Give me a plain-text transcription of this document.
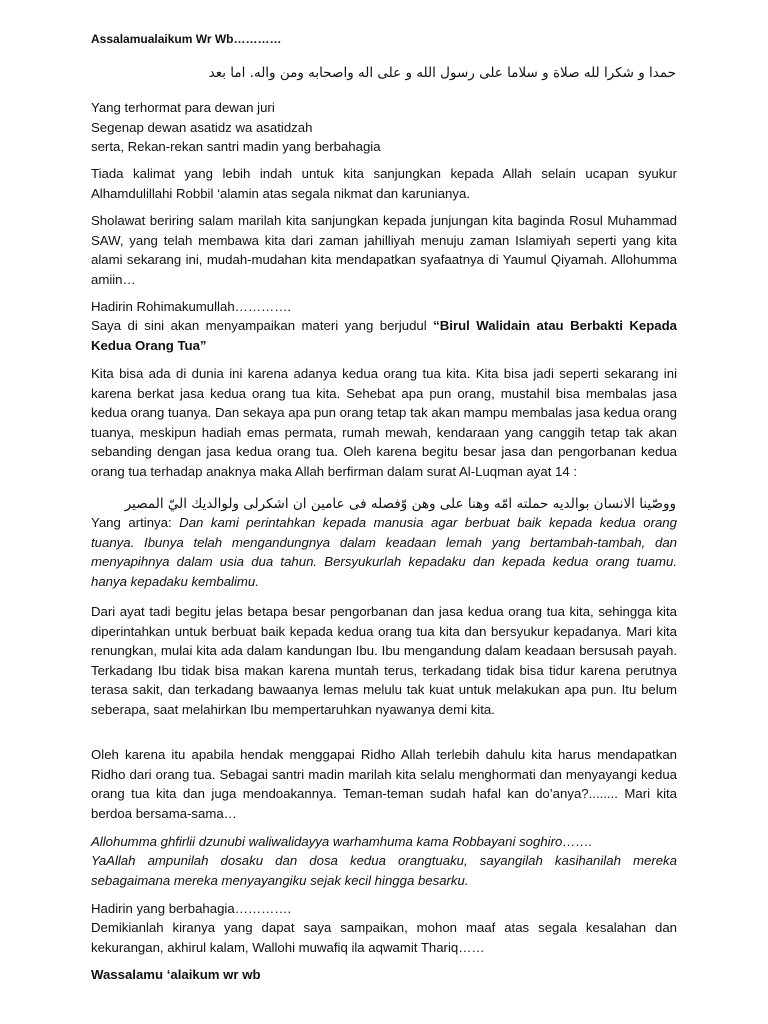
Assalamualaikum Wr Wb…………
حمدا و شكرا لله صلاة و سلاما على رسول الله و على اله واصحابه ومن واله. اما بعد
Yang terhormat para dewan juri
Segenap dewan asatidz wa asatidzah
serta, Rekan-rekan santri madin yang berbahagia
Tiada kalimat yang lebih indah untuk kita sanjungkan kepada Allah selain ucapan syukur Alhamdulillahi Robbil ‘alamin atas segala nikmat dan karunianya.
Sholawat beriring salam marilah kita sanjungkan kepada junjungan kita baginda Rosul Muhammad SAW, yang telah membawa kita dari zaman jahilliyah menuju zaman Islamiyah seperti yang kita alami sekarang ini, mudah-mudahan kita mendapatkan syafaatnya di Yaumul Qiyamah. Allohumma amiin…
Hadirin Rohimakumullah………….
Saya di sini akan menyampaikan materi yang berjudul “Birul Walidain atau Berbakti Kepada Kedua Orang Tua”
Kita bisa ada di dunia ini karena adanya kedua orang tua kita. Kita bisa jadi seperti sekarang ini karena berkat jasa kedua orang tua kita. Sehebat apa pun orang, mustahil bisa membalas jasa kedua orang tuanya. Dan sekaya apa pun orang tetap tak akan mampu membalas jasa kedua orang tuanya, meskipun hadiah emas permata, rumah mewah, kendaraan yang canggih tetap tak akan sebanding dengan jasa kedua orang tua. Oleh karena begitu besar jasa dan pengorbanan kedua orang tua terhadap anaknya maka Allah berfirman dalam surat Al-Luqman ayat 14 :
ووصّينا الانسان بوالديه حملته امّه وهنا على وهن وّفصله فى عامين ان اشكرلى ولوالديك اليّ المصير
Yang artinya: Dan kami perintahkan kepada manusia agar berbuat baik kepada kedua orang tuanya. Ibunya telah mengandungnya dalam keadaan lemah yang bertambah-tambah, dan menyapihnya dalam usia dua tahun. Bersyukurlah kepadaku dan kepada kedua orang tuamu. hanya kepadaku kembalimu.
Dari ayat tadi begitu jelas betapa besar pengorbanan dan jasa kedua orang tua kita, sehingga kita diperintahkan untuk berbuat baik kepada kedua orang tua kita dan bersyukur kepadanya. Mari kita renungkan, mulai kita ada dalam kandungan Ibu. Ibu mengandung dalam keadaan bersusah payah. Terkadang Ibu tidak bisa makan karena muntah terus, terkadang tidak bisa tidur karena perutnya terasa sakit, dan terkadang bawaanya lemas melulu tak kuat untuk melakukan apa pun. Itu belum seberapa, saat melahirkan Ibu mempertaruhkan nyawanya demi kita.
Oleh karena itu apabila hendak menggapai Ridho Allah terlebih dahulu kita harus mendapatkan Ridho dari orang tua. Sebagai santri madin marilah kita selalu menghormati dan menyayangi kedua orang tua kita dan juga mendoakannya. Teman-teman sudah hafal kan do’anya?........ Mari kita berdoa bersama-sama…
Allohumma ghfirlii dzunubi waliwalidayya warhamhuma kama Robbayani soghiro…….
YaAllah ampunilah dosaku dan dosa kedua orangtuaku, sayangilah kasihanilah mereka sebagaimana mereka menyayangiku sejak kecil hingga besarku.
Hadirin yang berbahagia………….
Demikianlah kiranya yang dapat saya sampaikan, mohon maaf atas segala kesalahan dan kekurangan, akhirul kalam, Wallohi muwafiq ila aqwamit Thariq……
Wassalamu ‘alaikum wr wb
